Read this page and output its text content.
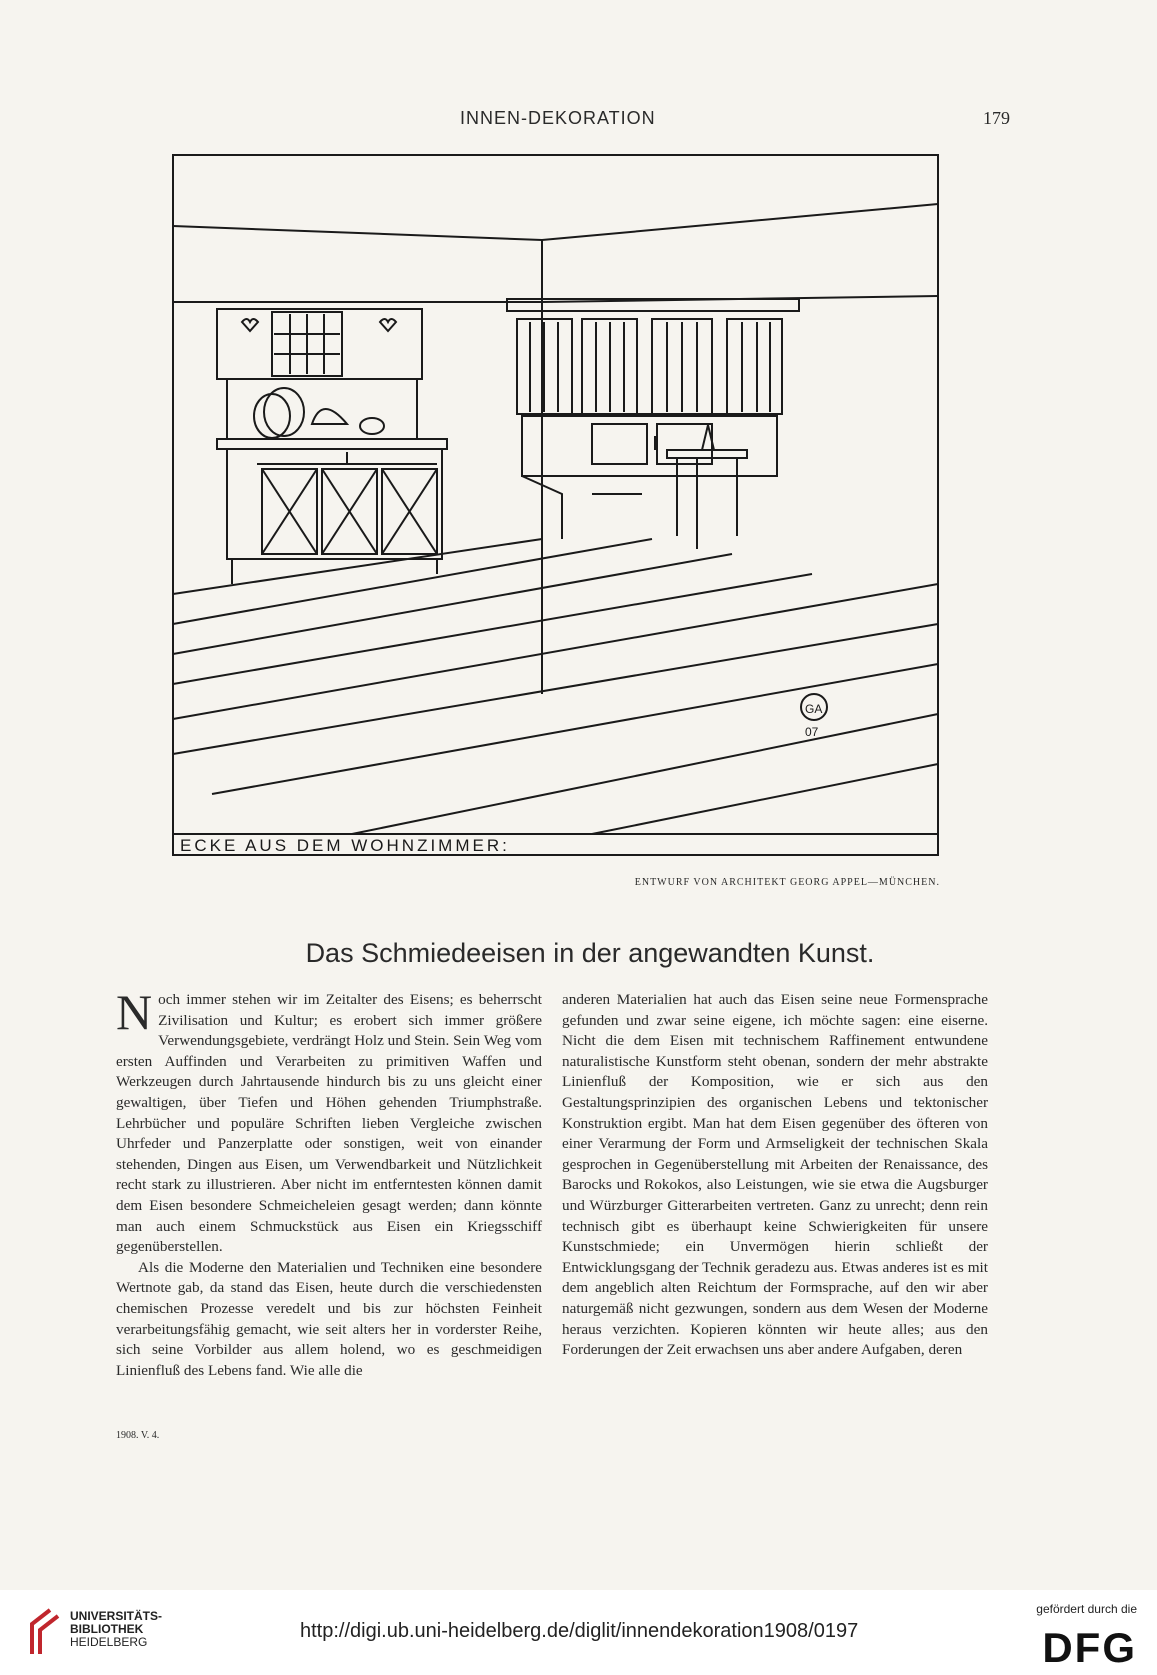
INNEN-DEKORATION	179
GA
07
ECKE AUS DEM WOHNZIMMER:
ENTWURF VON ARCHITEKT GEORG APPEL—MÜNCHEN.
Das Schmiedeeisen in der angewandten Kunst.

Noch immer stehen wir im Zeitalter des Eisens; es beherrscht Zivilisation und Kultur; es erobert sich immer größere Verwendungsgebiete, verdrängt Holz und Stein. Sein Weg vom ersten Auffinden und Verarbeiten zu primitiven Waffen und Werkzeugen durch Jahrtausende hindurch bis zu uns gleicht einer gewaltigen, über Tiefen und Höhen gehenden Triumphstraße. Lehrbücher und populäre Schriften lieben Vergleiche zwischen Uhrfeder und Panzerplatte oder sonstigen, weit von einander stehenden, Dingen aus Eisen, um Verwendbarkeit und Nützlichkeit recht stark zu illustrieren. Aber nicht im entferntesten können damit dem Eisen besondere Schmeicheleien gesagt werden; dann könnte man auch einem Schmuckstück aus Eisen ein Kriegsschiff gegenüberstellen.

Als die Moderne den Materialien und Techniken eine besondere Wertnote gab, da stand das Eisen, heute durch die verschiedensten chemischen Prozesse veredelt und bis zur höchsten Feinheit verarbeitungsfähig gemacht, wie seit alters her in vorderster Reihe, sich seine Vorbilder aus allem holend, wo es geschmeidigen Linienfluß des Lebens fand. Wie alle die

anderen Materialien hat auch das Eisen seine neue Formensprache gefunden und zwar seine eigene, ich möchte sagen: eine eiserne. Nicht die dem Eisen mit technischem Raffinement entwundene naturalistische Kunstform steht obenan, sondern der mehr abstrakte Linienfluß der Komposition, wie er sich aus den Gestaltungsprinzipien des organischen Lebens und tektonischer Konstruktion ergibt. Man hat dem Eisen gegenüber des öfteren von einer Verarmung der Form und Armseligkeit der technischen Skala gesprochen in Gegenüberstellung mit Arbeiten der Renaissance, des Barocks und Rokokos, also Leistungen, wie sie etwa die Augsburger und Würzburger Gitterarbeiten vertreten. Ganz zu unrecht; denn rein technisch gibt es überhaupt keine Schwierigkeiten für unsere Kunstschmiede; ein Unvermögen hierin schließt der Entwicklungsgang der Technik geradezu aus. Etwas anderes ist es mit dem angeblich alten Reichtum der Formsprache, auf den wir aber naturgemäß nicht gezwungen, sondern aus dem Wesen der Moderne heraus verzichten. Kopieren könnten wir heute alles; aus den Forderungen der Zeit erwachsen uns aber andere Aufgaben, deren

1908. V. 4.
UNIVERSITÄTS-
BIBLIOTHEK
HEIDELBERG	http://digi.ub.uni-heidelberg.de/diglit/innendekoration1908/0197
gefördert durch die
DFG
